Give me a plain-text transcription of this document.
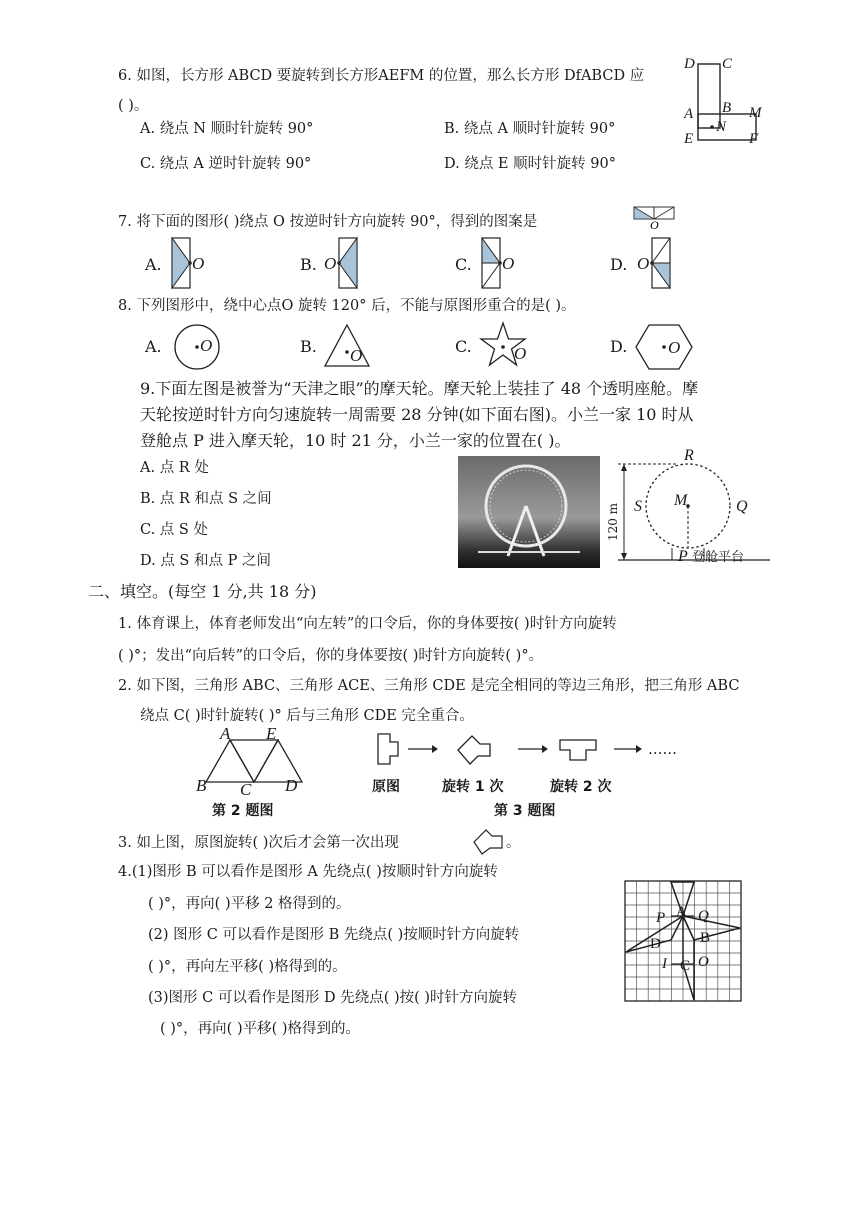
6. 如图，长方形 ABCD 要旋转到长方形AEFM 的位置，那么长方形 DfABCD 应
( )。
A. 绕点 N 顺时针旋转 90°	B. 绕点 A 顺时针旋转 90°
C. 绕点 A 逆时针旋转 90°	D. 绕点 E 顺时针旋转 90°
D C
A B M
N
E	F
7. 将下面的图形( )绕点 O 按逆时针方向旋转 90°，得到的图案是	O
A. O	B. O	C. O	D. O
8. 下列图形中，绕中心点O 旋转 120° 后，不能与原图形重合的是( )。
A. O	B. O	C. O	D. O
9.下面左图是被誉为“天津之眼”的摩天轮。摩天轮上装挂了 48 个透明座舱。摩
天轮按逆时针方向匀速旋转一周需要 28 分钟(如下面右图)。小兰一家 10 时从
登舱点 P 进入摩天轮，10 时 21 分，小兰一家的位置在( )。
A. 点 R 处
B. 点 R 和点 S 之间
C. 点 S 处
D. 点 S 和点 P 之间
R
S M	Q
P 登舱平台
120 m
二、填空。(每空 1 分,共 18 分)
1. 体育课上，体育老师发出“向左转”的口令后，你的身体要按( )时针方向旋转
( )°；发出“向后转”的口令后，你的身体要按( )时针方向旋转( )°。
2. 如下图，三角形 ABC、三角形 ACE、三角形 CDE 是完全相同的等边三角形，把三角形 ABC
绕点 C( )时针旋转( )° 后与三角形 CDE 完全重合。
A E
B C D
第 2 题图
……
原图	旋转 1 次	旋转 2 次
第 3 题图
3. 如上图，原图旋转( )次后才会第一次出现	。
4.(1)图形 B 可以看作是图形 A 先绕点( )按顺时针方向旋转
( )°，再向( )平移 2 格得到的。
(2) 图形 C 可以看作是图形 B 先绕点( )按顺时针方向旋转
( )°，再向左平移( )格得到的。
(3)图形 C 可以看作是图形 D 先绕点( )按( )时针方向旋转
( )°，再向( )平移( )格得到的。
P A Q
D	B
I C O
